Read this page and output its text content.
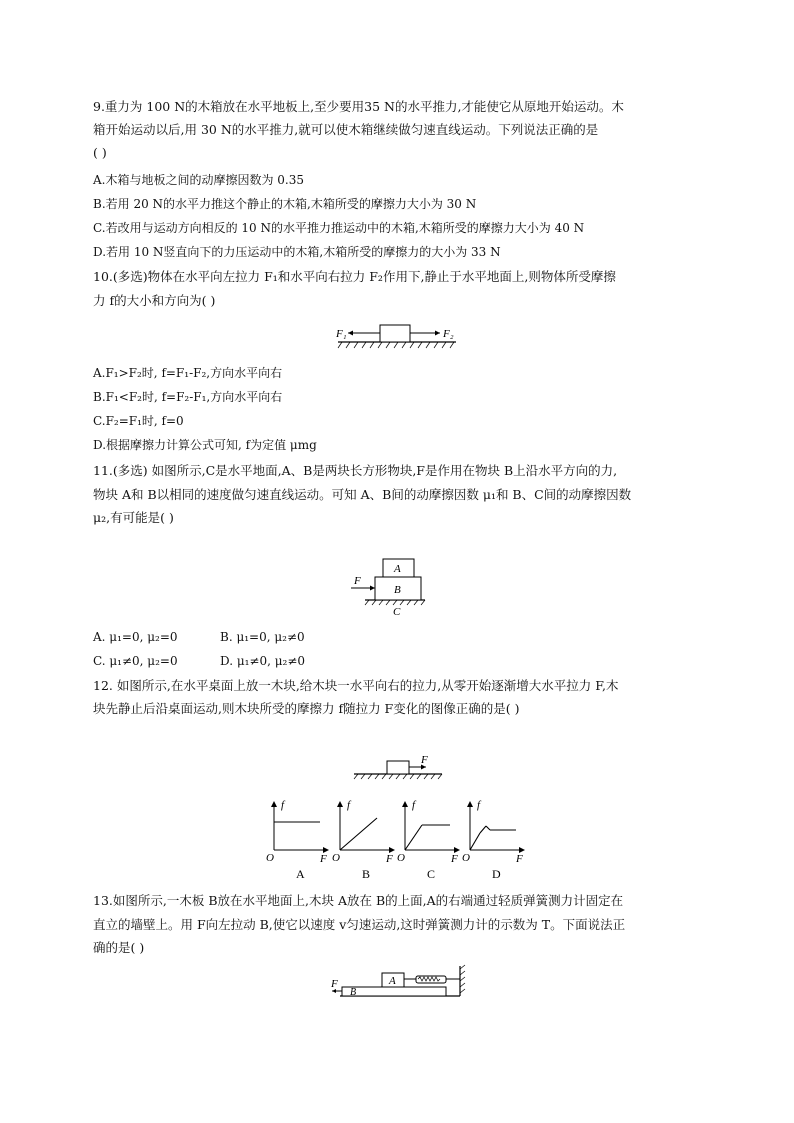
9.重力为 100 N的木箱放在水平地板上,至少要用35 N的水平推力,才能使它从原地开始运动。木
箱开始运动以后,用 30 N的水平推力,就可以使木箱继续做匀速直线运动。下列说法正确的是
( )
A.木箱与地板之间的动摩擦因数为 0.35
B.若用 20 N的水平力推这个静止的木箱,木箱所受的摩擦力大小为 30 N
C.若改用与运动方向相反的 10 N的水平推力推运动中的木箱,木箱所受的摩擦力大小为 40 N
D.若用 10 N竖直向下的力压运动中的木箱,木箱所受的摩擦力的大小为 33 N
10.(多选)物体在水平向左拉力 F₁和水平向右拉力 F₂作用下,静止于水平地面上,则物体所受摩擦
力 f的大小和方向为( )
F₁	F₂
A.F₁>F₂时, f=F₁-F₂,方向水平向右
B.F₁<F₂时, f=F₂-F₁,方向水平向右
C.F₂=F₁时, f=0
D.根据摩擦力计算公式可知, f为定值 μmg
11.(多选) 如图所示,C是水平地面,A、B是两块长方形物块,F是作用在物块 B上沿水平方向的力,
物块 A和 B以相同的速度做匀速直线运动。可知 A、B间的动摩擦因数 μ₁和 B、C间的动摩擦因数
μ₂,有可能是( )
F
A
B
C
A. μ₁=0, μ₂=0	B. μ₁=0, μ₂≠0
C. μ₁≠0, μ₂=0	D. μ₁≠0, μ₂≠0
12. 如图所示,在水平桌面上放一木块,给木块一水平向右的拉力,从零开始逐渐增大水平拉力 F,木
块先静止后沿桌面运动,则木块所受的摩擦力 f随拉力 F变化的图像正确的是( )
F
f
O	F
A
f
O	F
B
f
O	F
C
f
O	F
D
13.如图所示,一木板 B放在水平地面上,木块 A放在 B的上面,A的右端通过轻质弹簧测力计固定在
直立的墙壁上。用 F向左拉动 B,使它以速度 v匀速运动,这时弹簧测力计的示数为 T。下面说法正
确的是( )
F	A
B
